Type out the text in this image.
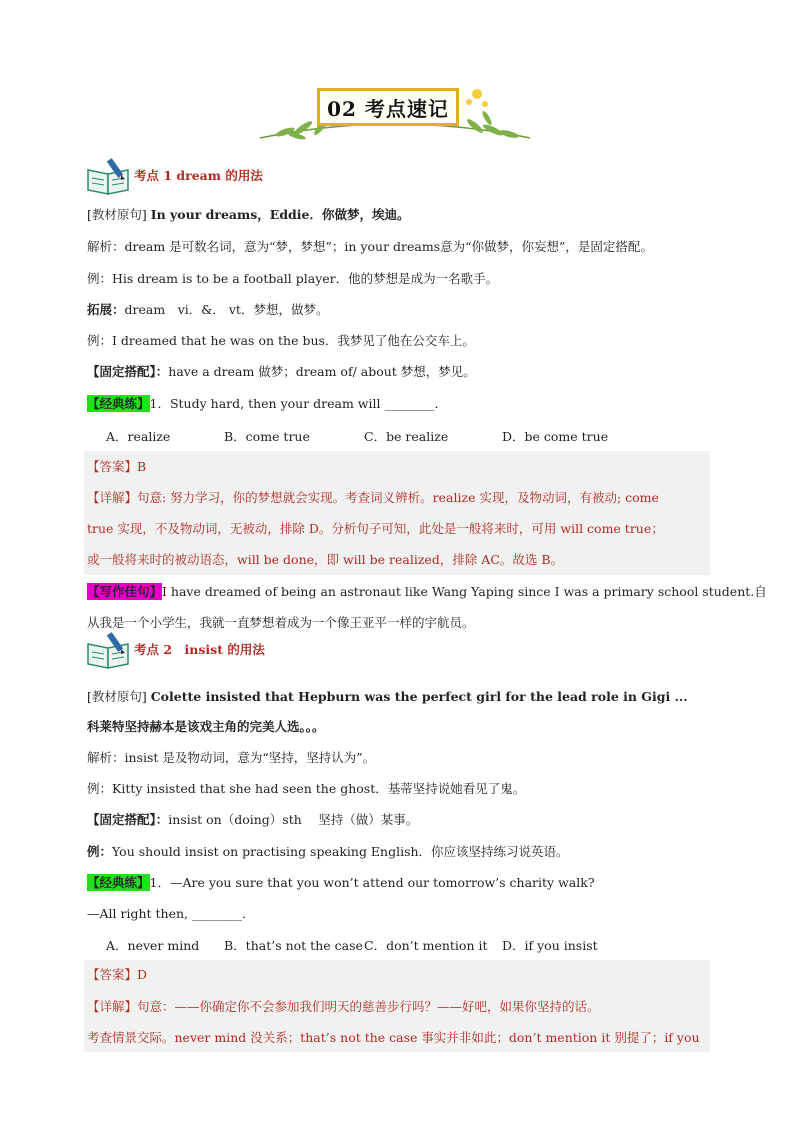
02 考点速记
考点 1 dream 的用法
[教材原句] In your dreams，Eddie．你做梦，埃迪。
解析：dream 是可数名词，意为“梦，梦想”；in your dreams意为“你做梦，你妄想”，是固定搭配。
例：His dream is to be a football player．他的梦想是成为一名歌手。
拓展：dream　vi．&． vt．梦想，做梦。
例：I dreamed that he was on the bus．我梦见了他在公交车上。
【固定搭配】：have a dream 做梦；dream of/ about 梦想，梦见。
【经典练】1．Study hard, then your dream will ________．
A．realize	B．come true	C．be realize	D．be come true
【答案】B
【详解】句意: 努力学习，你的梦想就会实现。考查词义辨析。realize 实现，及物动词，有被动; come
true 实现，不及物动词，无被动，排除 D。分析句子可知，此处是一般将来时，可用 will come true；
或一般将来时的被动语态，will be done，即 will be realized，排除 AC。故选 B。
【写作佳句】I have dreamed of being an astronaut like Wang Yaping since I was a primary school student.自
从我是一个小学生，我就一直梦想着成为一个像王亚平一样的宇航员。
考点 2　insist 的用法
[教材原句] Colette insisted that Hepburn was the perfect girl for the lead role in Gigi ...
科莱特坚持赫本是该戏主角的完美人选。。。
解析：insist 是及物动词，意为“坚持，坚持认为”。
例：Kitty insisted that she had seen the ghost．基蒂坚持说她看见了鬼。
【固定搭配】：insist on（doing）sth　 坚持（做）某事。
例：You should insist on practising speaking English．你应该坚持练习说英语。
【经典练】1．—Are you sure that you won’t attend our tomorrow’s charity walk?
—All right then, ________．
A．never mind B．that’s not the case C．don’t mention it D．if you insist
【答案】D
【详解】句意：——你确定你不会参加我们明天的慈善步行吗？——好吧，如果你坚持的话。
考查情景交际。never mind 没关系；that’s not the case 事实并非如此；don’t mention it 别提了；if you
